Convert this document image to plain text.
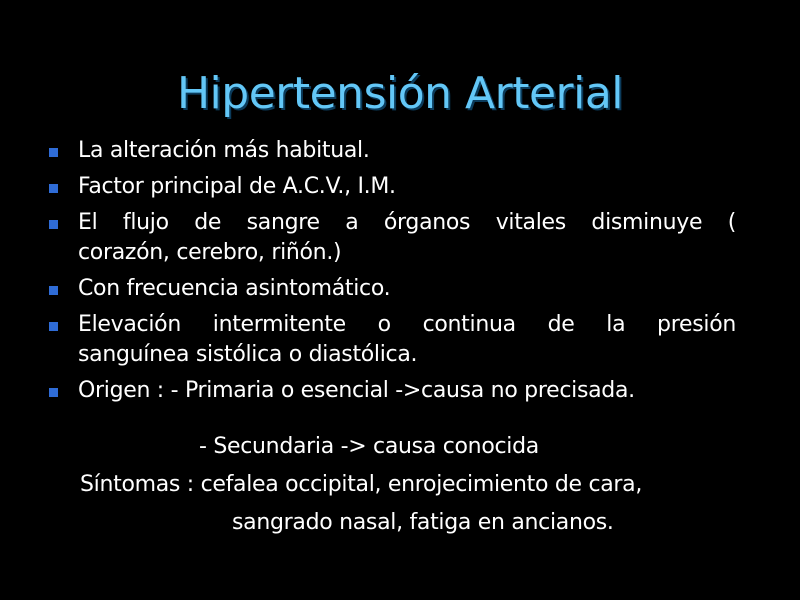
Hipertensión Arterial
La alteración más habitual.
Factor principal de A.C.V., I.M.
El flujo de sangre a órganos vitales disminuye (
corazón, cerebro, riñón.)
Con frecuencia asintomático.
Elevación intermitente o continua de la presión
sanguínea sistólica o diastólica.
Origen : - Primaria o esencial ->causa no precisada.
- Secundaria -> causa conocida
Síntomas : cefalea occipital, enrojecimiento de cara,
sangrado nasal, fatiga en ancianos.
